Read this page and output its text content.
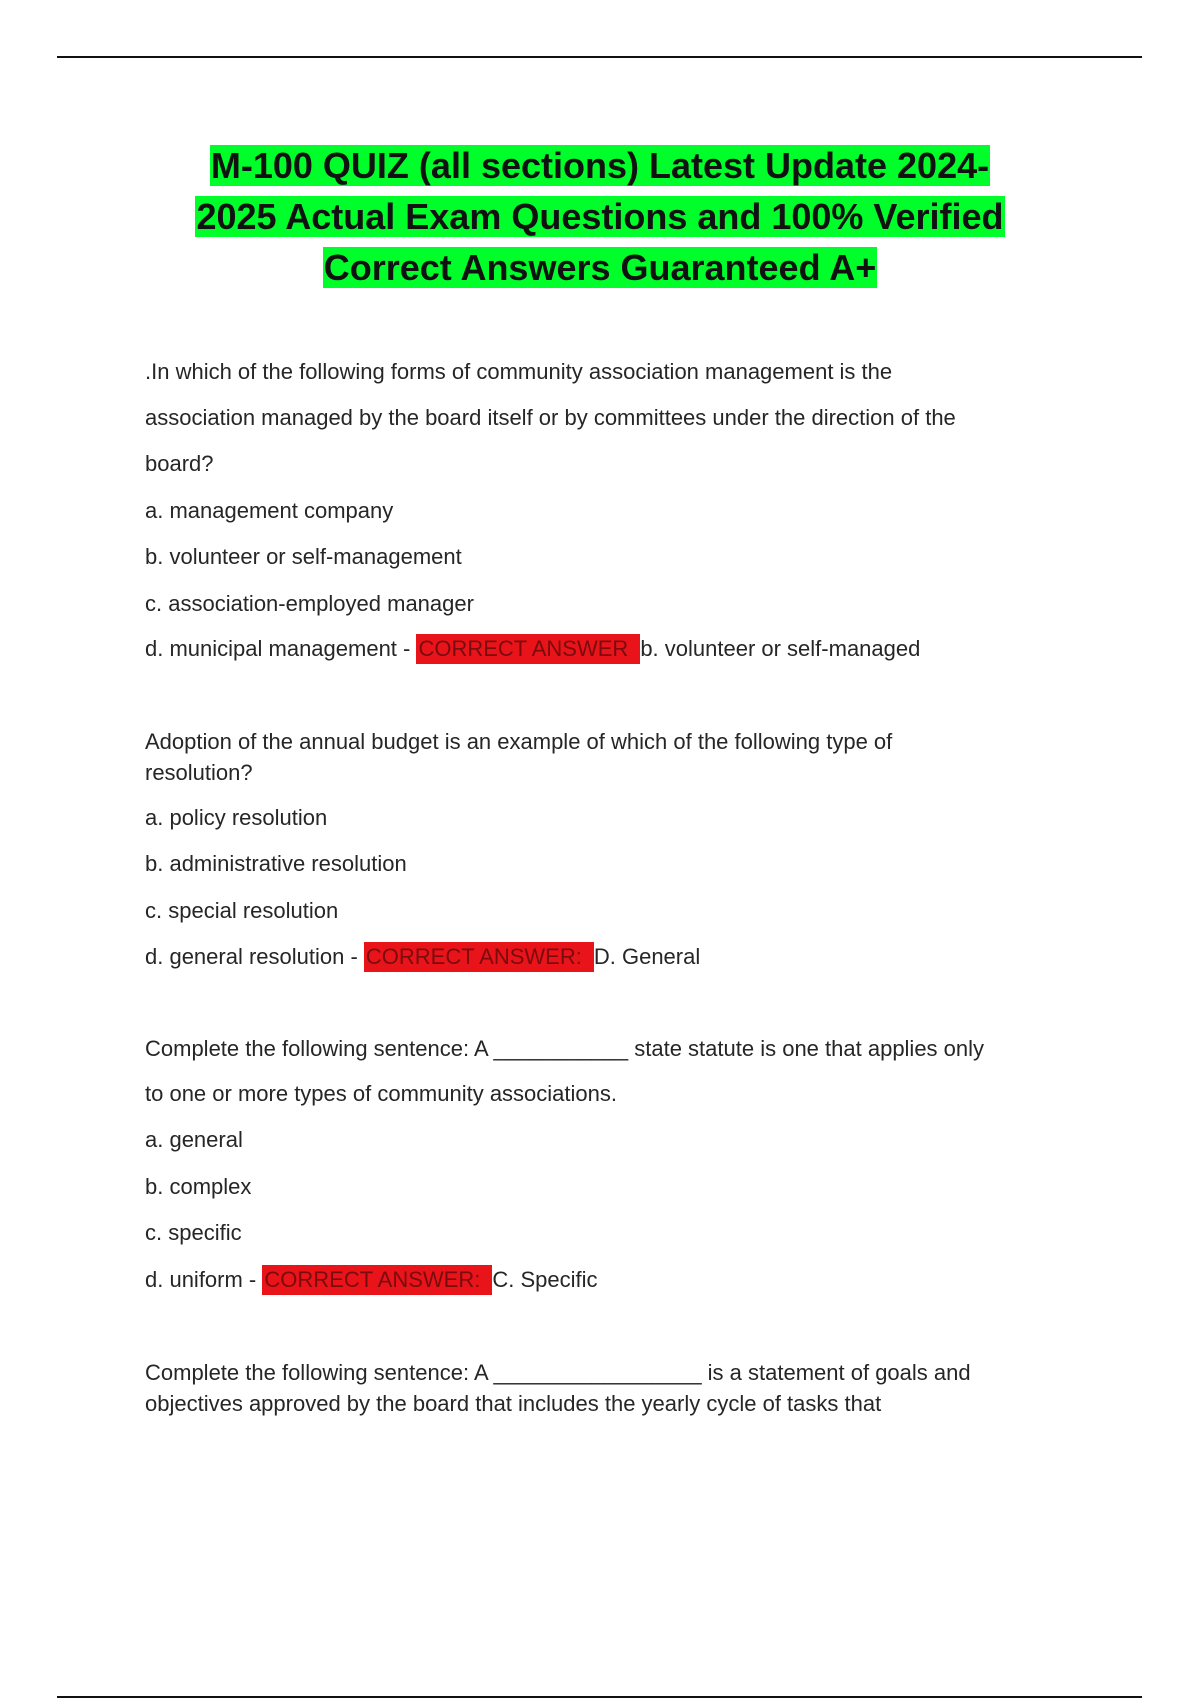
M-100 QUIZ (all sections) Latest Update 2024-
2025 Actual Exam Questions and 100% Verified
Correct Answers Guaranteed A+
.In which of the following forms of community association management is the
association managed by the board itself or by committees under the direction of the
board?
a. management company
b. volunteer or self-management
c. association-employed manager
d. municipal management - CORRECT ANSWER b. volunteer or self-managed
Adoption of the annual budget is an example of which of the following type of
resolution?
a. policy resolution
b. administrative resolution
c. special resolution
d. general resolution - CORRECT ANSWER: D. General
Complete the following sentence: A ___________ state statute is one that applies only
to one or more types of community associations.
a. general
b. complex
c. specific
d. uniform - CORRECT ANSWER: C. Specific
Complete the following sentence: A _________________ is a statement of goals and
objectives approved by the board that includes the yearly cycle of tasks that
